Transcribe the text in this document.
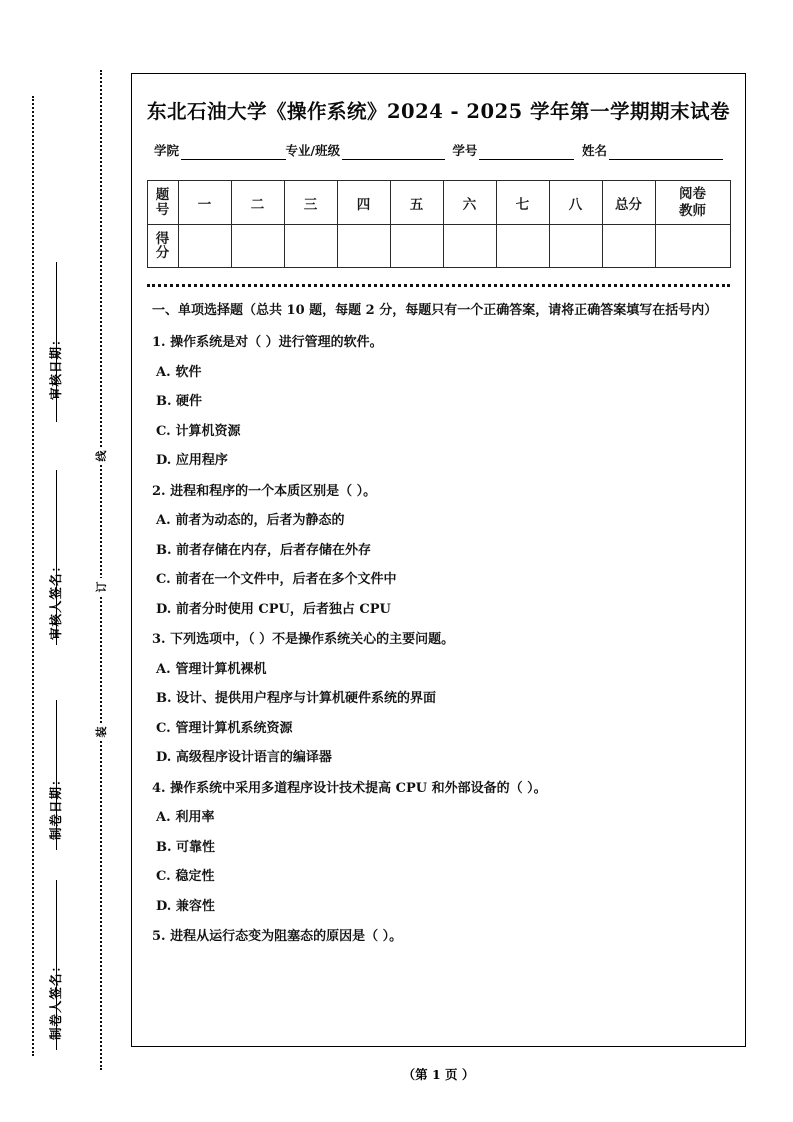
审核日期：
审核人签名：
制卷日期：
制卷人签名：
线
订
装
东北石油大学《操作系统》2024 - 2025 学年第一学期期末试卷
学院	专业/班级	学号	姓名
题
号	一	二	三	四	五	六	七	八	总分	阅卷
教师

得
分										

一、单项选择题（总共 10 题，每题 2 分，每题只有一个正确答案，请将正确答案填写在括号内）
1. 操作系统是对（ ）进行管理的软件。
A. 软件
B. 硬件
C. 计算机资源
D. 应用程序
2. 进程和程序的一个本质区别是（ ）。
A. 前者为动态的，后者为静态的
B. 前者存储在内存，后者存储在外存
C. 前者在一个文件中，后者在多个文件中
D. 前者分时使用 CPU，后者独占 CPU
3. 下列选项中，（ ）不是操作系统关心的主要问题。
A. 管理计算机裸机
B. 设计、提供用户程序与计算机硬件系统的界面
C. 管理计算机系统资源
D. 高级程序设计语言的编译器
4. 操作系统中采用多道程序设计技术提高 CPU 和外部设备的（ ）。
A. 利用率
B. 可靠性
C. 稳定性
D. 兼容性
5. 进程从运行态变为阻塞态的原因是（ ）。
（第 1 页 ）
